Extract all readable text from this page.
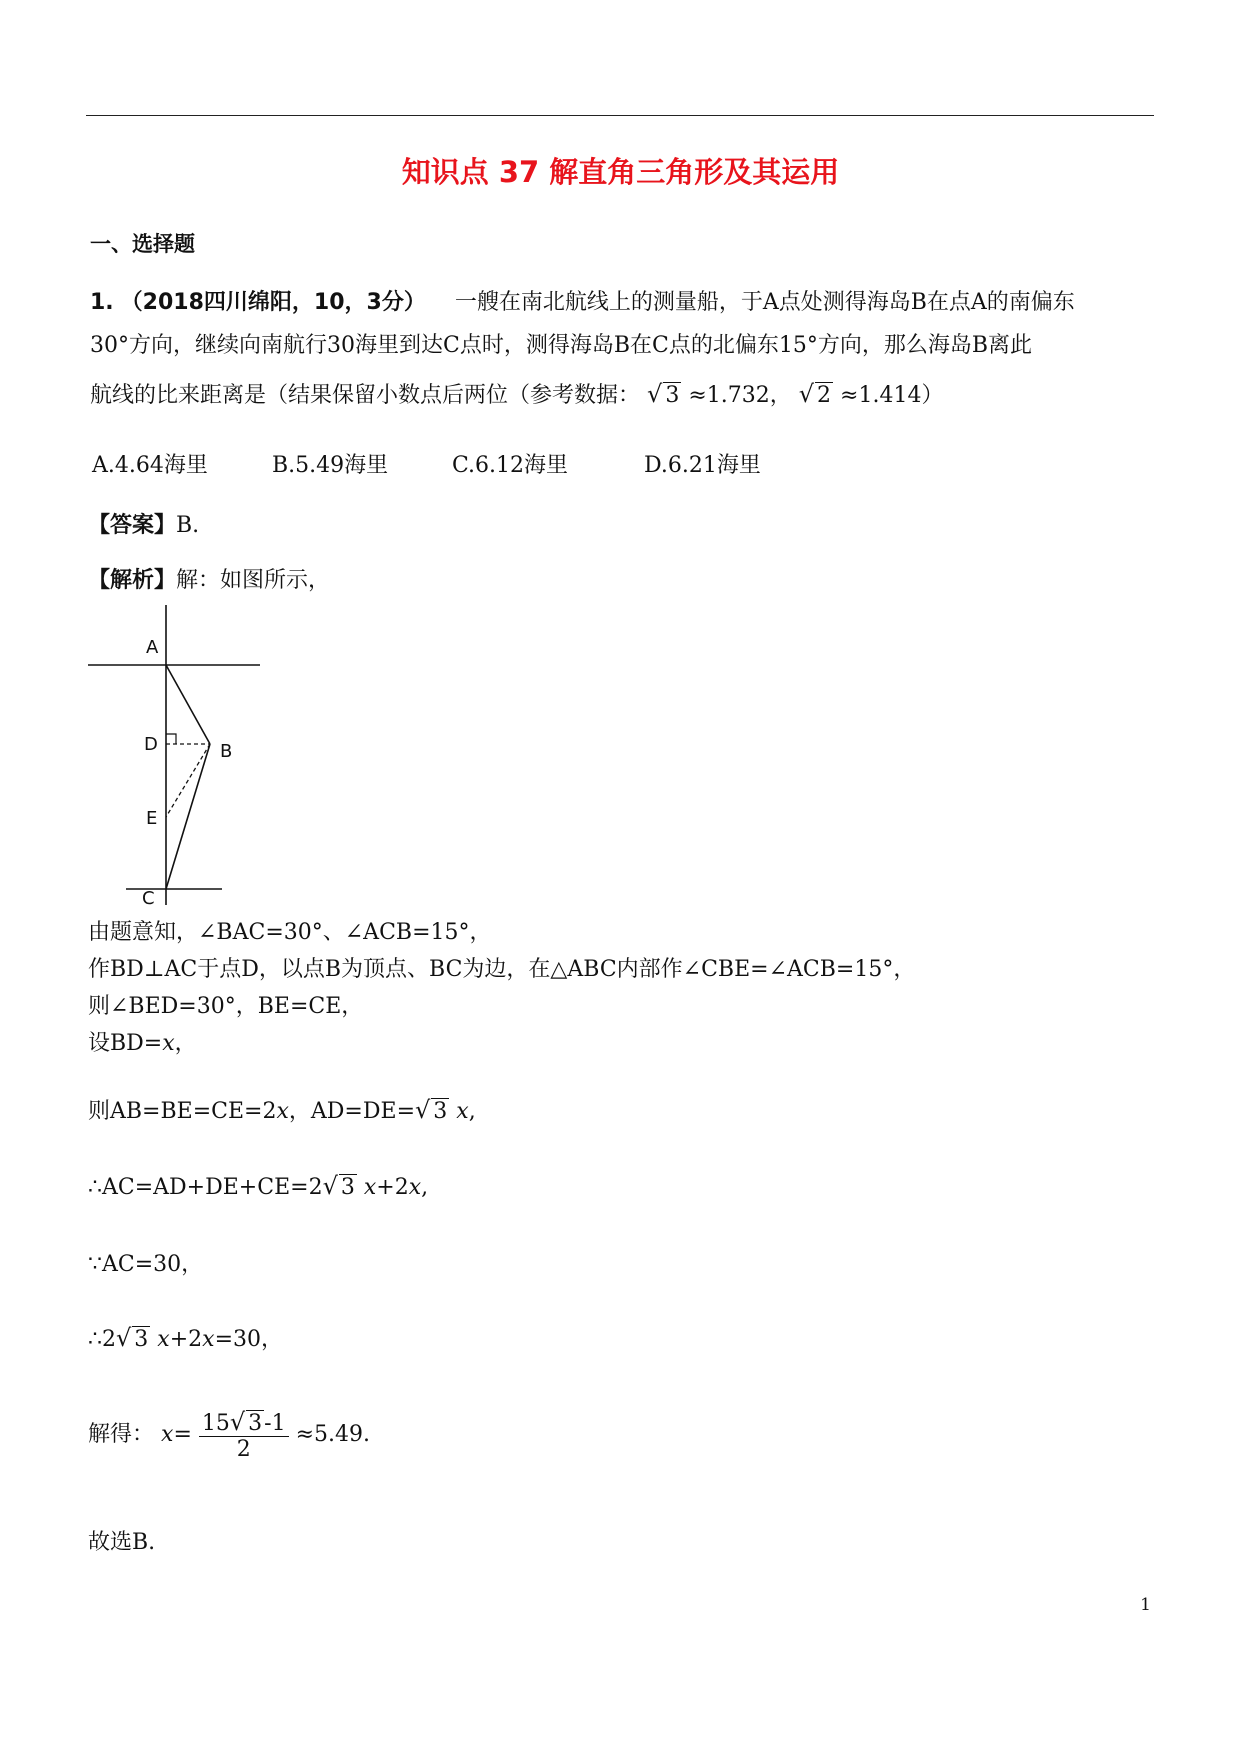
知识点 37 解直角三角形及其运用
一、选择题
1. （2018四川绵阳，10，3分） 一艘在南北航线上的测量船，于A点处测得海岛B在点A的南偏东
30°方向，继续向南航行30海里到达C点时，测得海岛B在C点的北偏东15°方向，那么海岛B离此
航线的比来距离是（结果保留小数点后两位（参考数据： √ 3 ≈1.732， √ 2 ≈1.414）
A.4.64海里	B.5.49海里	C.6.12海里	D.6.21海里
【答案】B.
【解析】解：如图所示，
A
D	B
E
C
由题意知，∠BAC=30°、∠ACB=15°，
作BD⊥AC于点D，以点B为顶点、BC为边，在△ABC内部作∠CBE=∠ACB=15°，
则∠BED=30°，BE=CE，
设BD=x，
则AB=BE=CE=2x，AD=DE=√ 3 x,
∴AC=AD+DE+CE=2√ 3 x+2x,
∵AC=30，
∴2√ 3 x+2x=30，
解得： $x= \frac{15√ 3-1}{2} \approx 5.49$.
故选B.
1
